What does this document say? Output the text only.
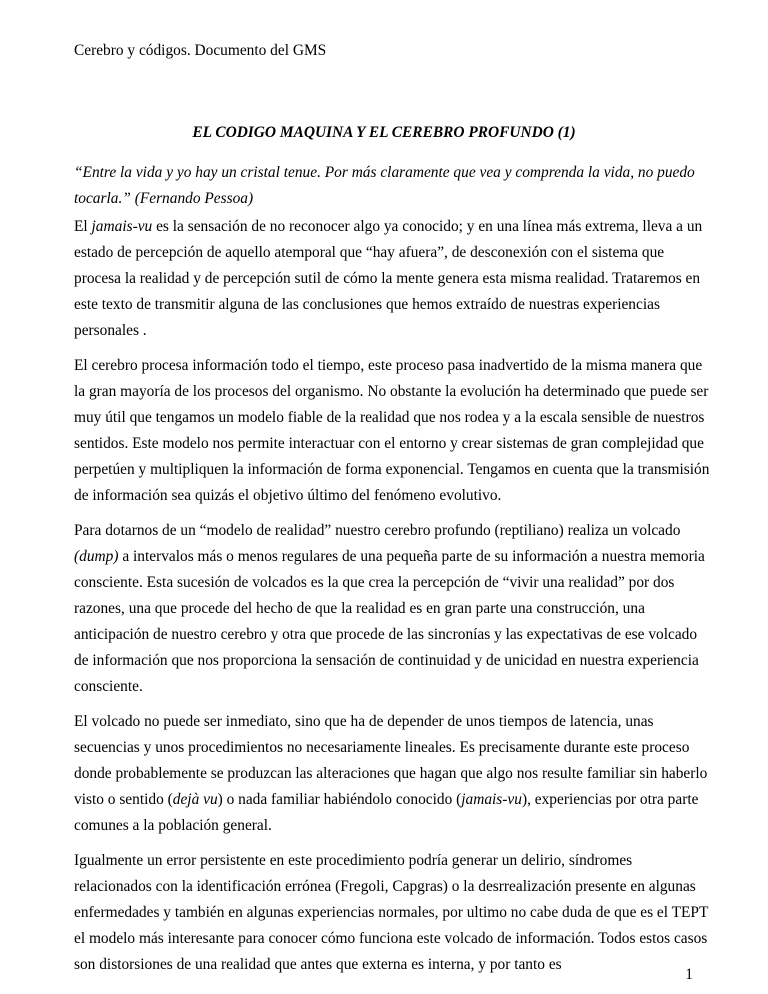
Cerebro y códigos. Documento del GMS

EL CODIGO MAQUINA Y EL CEREBRO PROFUNDO (1)

“Entre la vida y yo hay un cristal tenue. Por más claramente que vea y comprenda la vida, no puedo tocarla.” (Fernando Pessoa)

El jamais-vu es la sensación de no reconocer algo ya conocido; y en una línea más extrema, lleva a un estado de percepción de aquello atemporal que “hay afuera”, de desconexión con el sistema que procesa la realidad y de percepción sutil de cómo la mente genera esta misma realidad. Trataremos en este texto de transmitir alguna de las conclusiones que hemos extraído de nuestras experiencias personales .

El cerebro procesa información todo el tiempo, este proceso pasa inadvertido de la misma manera que la gran mayoría de los procesos del organismo. No obstante la evolución ha determinado que puede ser muy útil que tengamos un modelo fiable de la realidad que nos rodea y a la escala sensible de nuestros sentidos. Este modelo nos permite interactuar con el entorno y crear sistemas de gran complejidad que perpetúen y multipliquen la información de forma exponencial. Tengamos en cuenta que la transmisión de información sea quizás el objetivo último del fenómeno evolutivo.

Para dotarnos de un “modelo de realidad” nuestro cerebro profundo (reptiliano) realiza un volcado (dump) a intervalos más o menos regulares de una pequeña parte de su información a nuestra memoria consciente. Esta sucesión de volcados es la que crea la percepción de “vivir una realidad” por dos razones, una que procede del hecho de que la realidad es en gran parte una construcción, una anticipación de nuestro cerebro y otra que procede de las sincronías y las expectativas de ese volcado de información que nos proporciona la sensación de continuidad y de unicidad en nuestra experiencia consciente.

El volcado no puede ser inmediato, sino que ha de depender de unos tiempos de latencia, unas secuencias y unos procedimientos no necesariamente lineales. Es precisamente durante este proceso donde probablemente se produzcan las alteraciones que hagan que algo nos resulte familiar sin haberlo visto o sentido (dejà vu) o nada familiar habiéndolo conocido (jamais-vu), experiencias por otra parte comunes a la población general.

Igualmente un error persistente en este procedimiento podría generar un delirio, síndromes relacionados con la identificación errónea (Fregoli, Capgras) o la desrrealización presente en algunas enfermedades y también en algunas experiencias normales, por ultimo no cabe duda de que es el TEPT el modelo más interesante para conocer cómo funciona este volcado de información. Todos estos casos son distorsiones de una realidad que antes que externa es interna, y por tanto es

1
